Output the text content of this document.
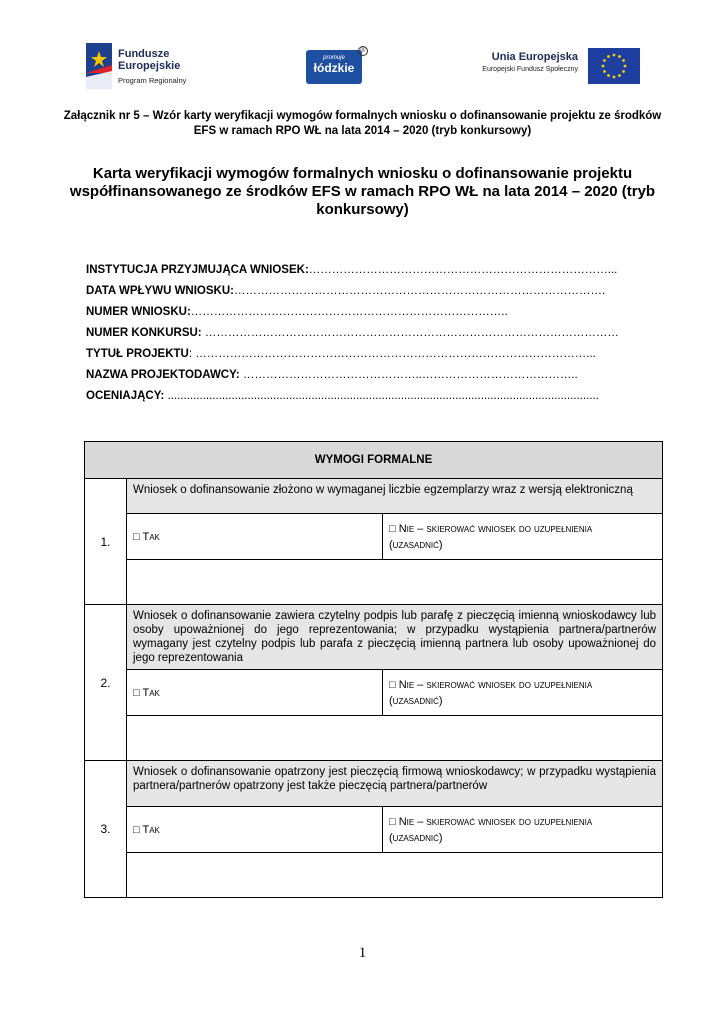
Fundusze
Europejskie
Program Regionalny
promuje
łódzkie
®
Unia Europejska
Europejski Fundusz Społeczny
Załącznik nr 5 – Wzór karty weryfikacji wymogów formalnych wniosku o dofinansowanie projektu ze środków EFS w ramach RPO WŁ na lata 2014 – 2020 (tryb konkursowy)
Karta weryfikacji wymogów formalnych wniosku o dofinansowanie projektu współfinansowanego ze środków EFS w ramach RPO WŁ na lata 2014 – 2020 (tryb konkursowy)
INSTYTUCJA PRZYJMUJĄCA WNIOSEK:……………………………………………………………………...
DATA WPŁYWU WNIOSKU:…………………………………………………………………………………….
NUMER WNIOSKU:………………………………………………………………………..
NUMER KONKURSU: ………………………………………………………………………………………………
TYTUŁ PROJEKTU: …………………………………………………………………………………………...
NAZWA PROJEKTODAWCY: ………………………………………..…………………………………..
OCENIAJĄCY: .......................................................................................................................................
WYMOGI FORMALNE		
1.	Wniosek o dofinansowanie złożono w wymaganej liczbie egzemplarzy wraz z wersją elektroniczną	
	□ Tak	□ Nie – skierować wniosek do uzupełnienia
(uzasadnić)

2.	Wniosek o dofinansowanie zawiera czytelny podpis lub parafę z pieczęcią imienną wnioskodawcy lub osoby upoważnionej do jego reprezentowania; w przypadku wystąpienia partnera/partnerów wymagany jest czytelny podpis lub parafa z pieczęcią imienną partnera lub osoby upoważnionej do jego reprezentowania	
	□ Tak	□ Nie – skierować wniosek do uzupełnienia
(uzasadnić)

3.	Wniosek o dofinansowanie opatrzony jest pieczęcią firmową wnioskodawcy; w przypadku wystąpienia partnera/partnerów opatrzony jest także pieczęcią partnera/partnerów	
	□ Tak	□ Nie – skierować wniosek do uzupełnienia
(uzasadnić)

1
